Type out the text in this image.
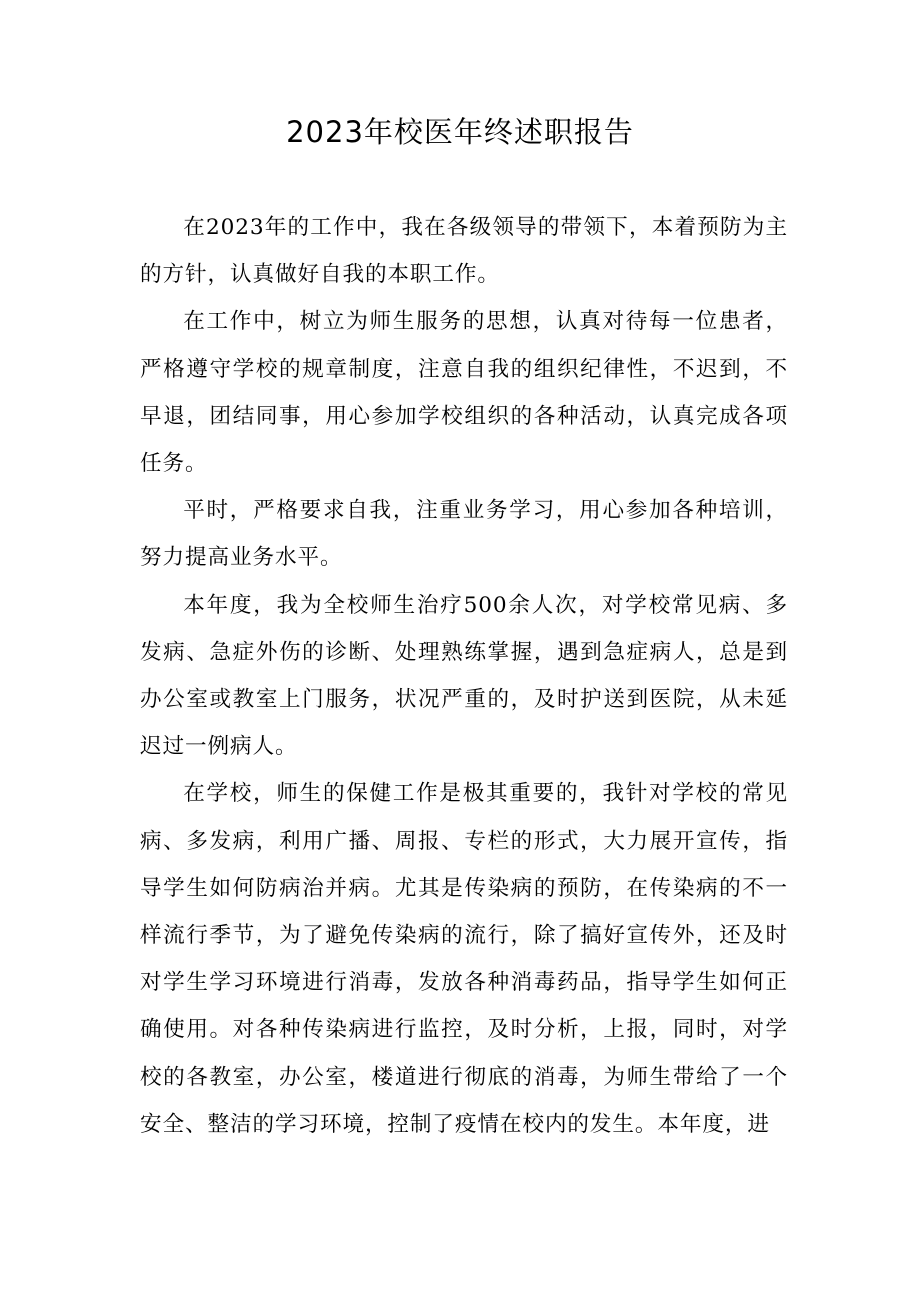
2023年校医年终述职报告

在2023年的工作中，我在各级领导的带领下，本着预防为主的方针，认真做好自我的本职工作。

在工作中，树立为师生服务的思想，认真对待每一位患者，严格遵守学校的规章制度，注意自我的组织纪律性，不迟到，不早退，团结同事，用心参加学校组织的各种活动，认真完成各项任务。

平时，严格要求自我，注重业务学习，用心参加各种培训，努力提高业务水平。

本年度，我为全校师生治疗500余人次，对学校常见病、多发病、急症外伤的诊断、处理熟练掌握，遇到急症病人，总是到办公室或教室上门服务，状况严重的，及时护送到医院，从未延迟过一例病人。

在学校，师生的保健工作是极其重要的，我针对学校的常见病、多发病，利用广播、周报、专栏的形式，大力展开宣传，指导学生如何防病治并病。尤其是传染病的预防，在传染病的不一样流行季节，为了避免传染病的流行，除了搞好宣传外，还及时对学生学习环境进行消毒，发放各种消毒药品，指导学生如何正确使用。对各种传染病进行监控，及时分析，上报，同时，对学校的各教室，办公室，楼道进行彻底的消毒，为师生带给了一个安全、整洁的学习环境，控制了疫情在校内的发生。本年度，进
